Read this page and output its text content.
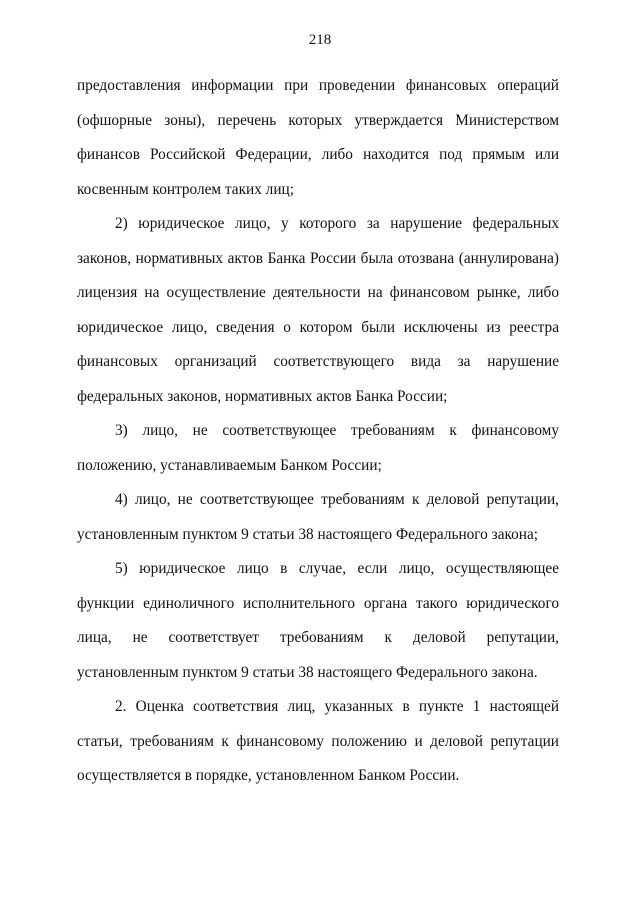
218

предоставления информации при проведении финансовых операций (офшорные зоны), перечень которых утверждается Министерством финансов Российской Федерации, либо находится под прямым или косвенным контролем таких лиц;

2) юридическое лицо, у которого за нарушение федеральных законов, нормативных актов Банка России была отозвана (аннулирована) лицензия на осуществление деятельности на финансовом рынке, либо юридическое лицо, сведения о котором были исключены из реестра финансовых организаций соответствующего вида за нарушение федеральных законов, нормативных актов Банка России;

3) лицо, не соответствующее требованиям к финансовому положению, устанавливаемым Банком России;

4) лицо, не соответствующее требованиям к деловой репутации, установленным пунктом 9 статьи 38 настоящего Федерального закона;

5) юридическое лицо в случае, если лицо, осуществляющее функции единоличного исполнительного органа такого юридического лица, не соответствует требованиям к деловой репутации, установленным пунктом 9 статьи 38 настоящего Федерального закона.

2. Оценка соответствия лиц, указанных в пункте 1 настоящей статьи, требованиям к финансовому положению и деловой репутации осуществляется в порядке, установленном Банком России.
